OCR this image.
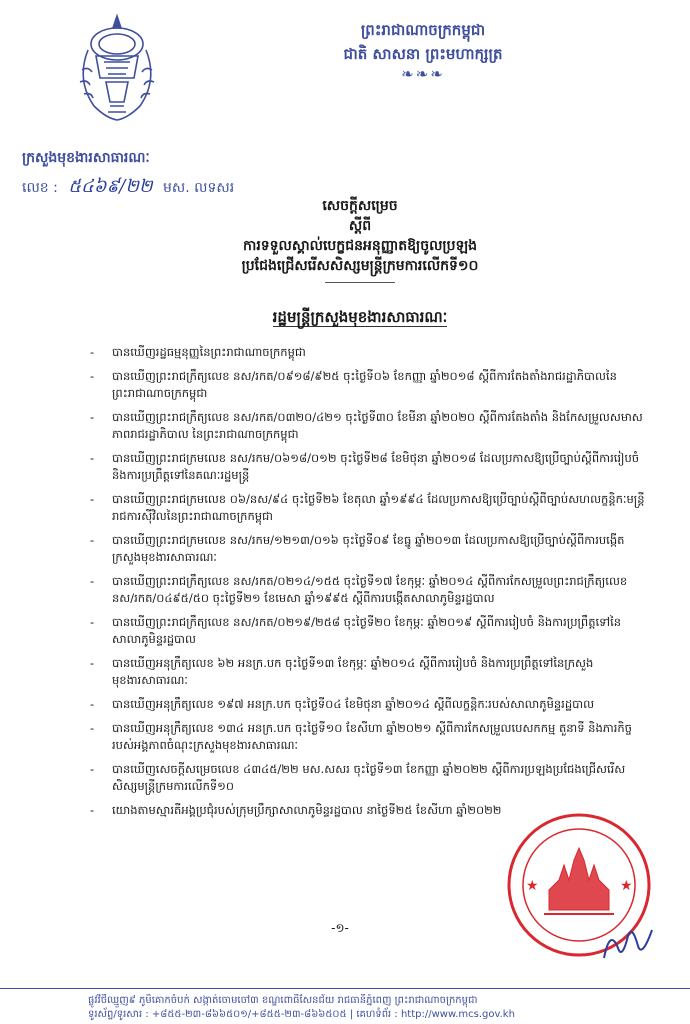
ព្រះរាជាណាចក្រកម្ពុជា
ជាតិ សាសនា ព្រះមហាក្សត្រ
❧❧❧
ក្រសួងមុខងារសាធារណៈ
លេខ : ៥៤៦៩/២២ មស. លទសរ
សេចក្ដីសម្រេច
ស្ដីពី
ការទទួលស្គាល់បេក្ខជនអនុញ្ញាតឱ្យចូលប្រឡង
ប្រជែងជ្រើសរើសសិស្សមន្ដ្រីក្រមការលើកទី១០
រដ្ឋមន្ដ្រីក្រសួងមុខងារសាធារណៈ
-	បានឃើញរដ្ឋធម្មនុញ្ញនៃព្រះរាជាណាចក្រកម្ពុជា
-	បានឃើញព្រះរាជក្រឹត្យលេខ នស/រកត/០៩១៨/៩២៥ ចុះថ្ងៃទី០៦ ខែកញ្ញា ឆ្នាំ២០១៨ ស្ដីពីការតែងតាំងរាជរដ្ឋាភិបាលនៃព្រះរាជាណាចក្រកម្ពុជា
-	បានឃើញព្រះរាជក្រឹត្យលេខ នស/រកត/០៣២០/៤២១ ចុះថ្ងៃទី៣០ ខែមីនា ឆ្នាំ២០២០ ស្ដីពីការតែងតាំង និងកែសម្រួលសមាសភាពរាជរដ្ឋាភិបាល នៃព្រះរាជាណាចក្រកម្ពុជា
-	បានឃើញព្រះរាជក្រមលេខ នស/រកម/០៦១៨/០១២ ចុះថ្ងៃទី២៨ ខែមិថុនា ឆ្នាំ២០១៨ ដែលប្រកាសឱ្យប្រើច្បាប់ស្ដីពីការរៀបចំ និងការប្រព្រឹត្ដទៅនៃគណៈរដ្ឋមន្ដ្រី
-	បានឃើញព្រះរាជក្រមលេខ ០៦/នស/៩៤ ចុះថ្ងៃទី២៦ ខែតុលា ឆ្នាំ១៩៩៤ ដែលប្រកាសឱ្យប្រើច្បាប់ស្ដីពីច្បាប់សហលក្ខន្ដិកៈមន្ដ្រីរាជការស៊ីវិលនៃព្រះរាជាណាចក្រកម្ពុជា
-	បានឃើញព្រះរាជក្រមលេខ នស/រកម/១២១៣/០១៦ ចុះថ្ងៃទី០៩ ខែធ្នូ ឆ្នាំ២០១៣ ដែលប្រកាសឱ្យប្រើច្បាប់ស្ដីពីការបង្កើតក្រសួងមុខងារសាធារណៈ
-	បានឃើញព្រះរាជក្រឹត្យលេខ នស/រកត/០២១៤/១៥៥ ចុះថ្ងៃទី១៧ ខែកុម្ភៈ ឆ្នាំ២០១៤ ស្ដីពីការកែសម្រួលព្រះរាជក្រឹត្យលេខ នស/រកត/០៤៩៥/៥០ ចុះថ្ងៃទី២១ ខែមេសា ឆ្នាំ១៩៩៥ ស្ដីពីការបង្កើតសាលាភូមិន្ទរដ្ឋបាល
-	បានឃើញព្រះរាជក្រឹត្យលេខ នស/រកត/០២១៩/២៥៨ ចុះថ្ងៃទី២០ ខែកុម្ភៈ ឆ្នាំ២០១៩ ស្ដីពីការរៀបចំ និងការប្រព្រឹត្ដទៅនៃសាលាភូមិន្ទរដ្ឋបាល
-	បានឃើញអនុក្រឹត្យលេខ ៦២ អនក្រ.បក ចុះថ្ងៃទី១៣ ខែកុម្ភៈ ឆ្នាំ២០១៤ ស្ដីពីការរៀបចំ និងការប្រព្រឹត្ដទៅនៃក្រសួងមុខងារសាធារណៈ
-	បានឃើញអនុក្រឹត្យលេខ ១៩៧ អនក្រ.បក ចុះថ្ងៃទី០៤ ខែមិថុនា ឆ្នាំ២០១៤ ស្ដីពីលក្ខន្ដិកៈរបស់សាលាភូមិន្ទរដ្ឋបាល
-	បានឃើញអនុក្រឹត្យលេខ ១៣៤ អនក្រ.បក ចុះថ្ងៃទី១០ ខែសីហា ឆ្នាំ២០២១ ស្ដីពីការកែសម្រួលបេសកកម្ម តួនាទី និងភារកិច្ចរបស់អង្គភាពចំណុះក្រសួងមុខងារសាធារណៈ
-	បានឃើញសេចក្ដីសម្រេចលេខ ៤៣៤៥/២២ មស.សសរ ចុះថ្ងៃទី១៣ ខែកញ្ញា ឆ្នាំ២០២២ ស្ដីពីការប្រឡងប្រជែងជ្រើសរើសសិស្សមន្ដ្រីក្រមការលើកទី១០
-	យោងតាមស្មារតីអង្គប្រជុំរបស់ក្រុមប្រឹក្សាសាលាភូមិន្ទរដ្ឋបាល នាថ្ងៃទី២៥ ខែសីហា ឆ្នាំ២០២២
★	★
-១-
ផ្លូវវិថីឈ្មួញ៩ ភូមិគោកចំបក់ សង្កាត់ចោមចៅ៣ ខណ្ឌពោធិ៍សែនជ័យ រាជធានីភ្នំពេញ ព្រះរាជាណាចក្រកម្ពុជា
ទូរស័ព្ទ/ទូរសារ : +៨៥៥-២៣-៨៦៦៥០១/+៨៥៥-២៣-៨៦៦៥០៥ | គេហទំព័រ : http://www.mcs.gov.kh
